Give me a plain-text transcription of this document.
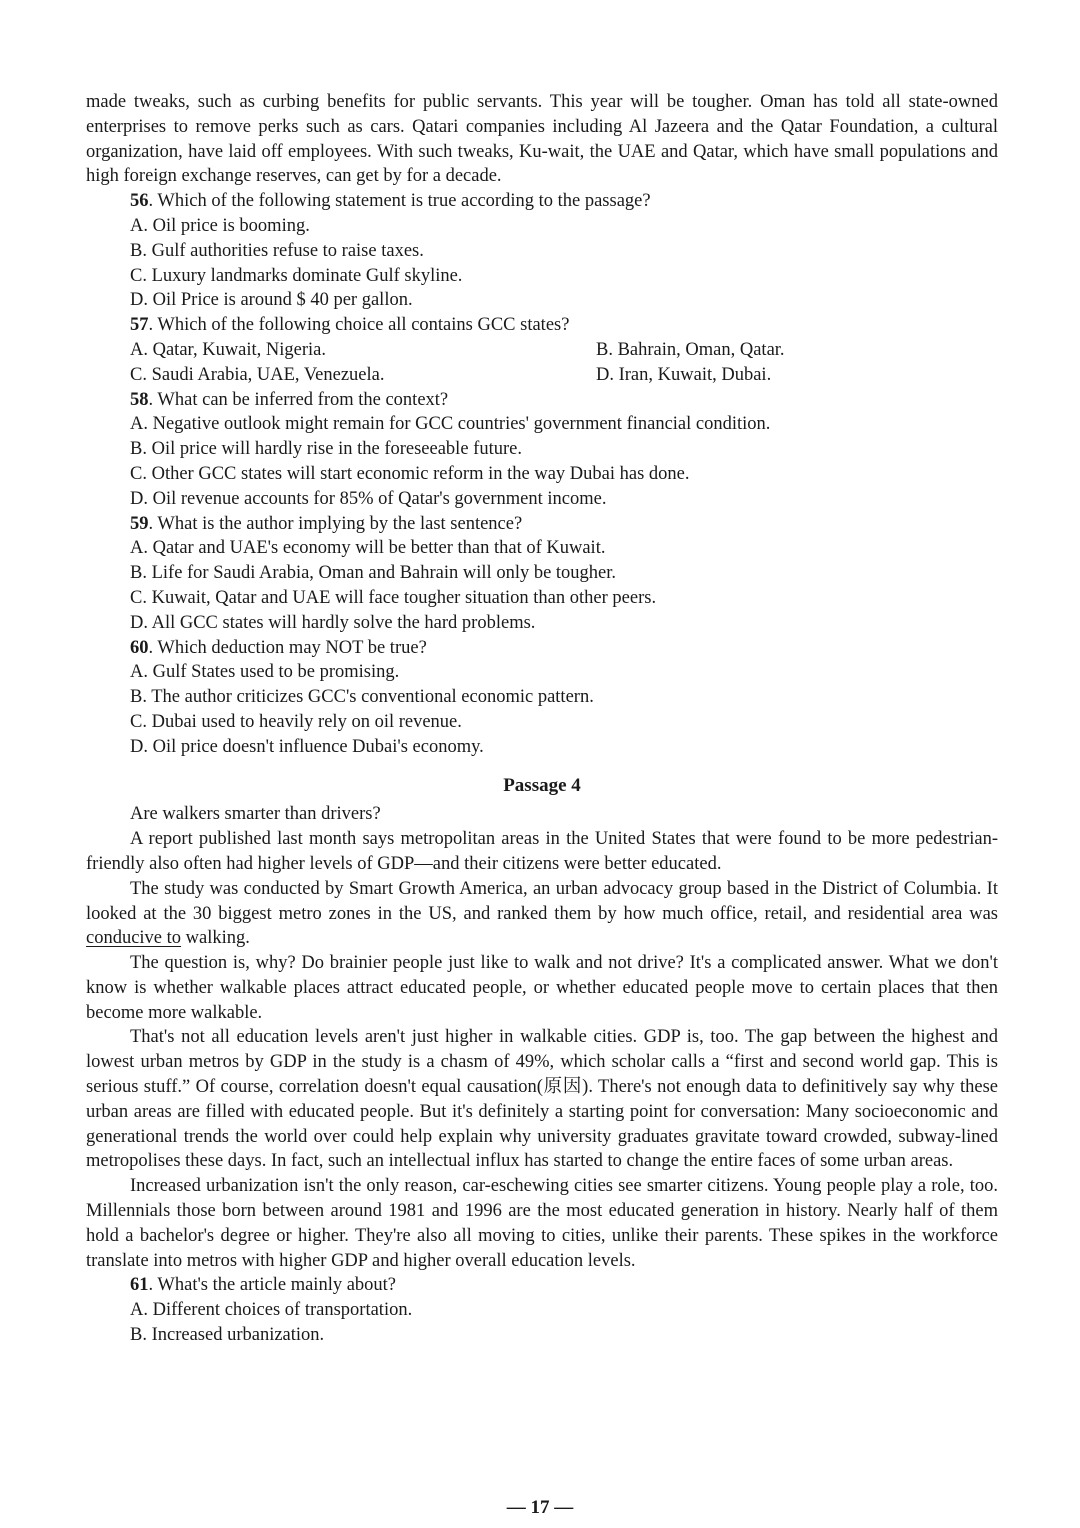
made tweaks, such as curbing benefits for public servants. This year will be tougher. Oman has told all state-owned enterprises to remove perks such as cars. Qatari companies including Al Jazeera and the Qatar Foundation, a cultural organization, have laid off employees. With such tweaks, Ku-wait, the UAE and Qatar, which have small populations and high foreign exchange reserves, can get by for a decade.

56. Which of the following statement is true according to the passage?
A. Oil price is booming.
B. Gulf authorities refuse to raise taxes.
C. Luxury landmarks dominate Gulf skyline.
D. Oil Price is around $ 40 per gallon.
57. Which of the following choice all contains GCC states?
A. Qatar, Kuwait, Nigeria.	B. Bahrain, Oman, Qatar.
C. Saudi Arabia, UAE, Venezuela.	D. Iran, Kuwait, Dubai.
58. What can be inferred from the context?
A. Negative outlook might remain for GCC countries' government financial condition.
B. Oil price will hardly rise in the foreseeable future.
C. Other GCC states will start economic reform in the way Dubai has done.
D. Oil revenue accounts for 85% of Qatar's government income.
59. What is the author implying by the last sentence?
A. Qatar and UAE's economy will be better than that of Kuwait.
B. Life for Saudi Arabia, Oman and Bahrain will only be tougher.
C. Kuwait, Qatar and UAE will face tougher situation than other peers.
D. All GCC states will hardly solve the hard problems.
60. Which deduction may NOT be true?
A. Gulf States used to be promising.
B. The author criticizes GCC's conventional economic pattern.
C. Dubai used to heavily rely on oil revenue.
D. Oil price doesn't influence Dubai's economy.
Passage 4

Are walkers smarter than drivers?

A report published last month says metropolitan areas in the United States that were found to be more pedestrian-friendly also often had higher levels of GDP—and their citizens were better educated.

The study was conducted by Smart Growth America, an urban advocacy group based in the District of Columbia. It looked at the 30 biggest metro zones in the US, and ranked them by how much office, retail, and residential area was conducive to walking.

The question is, why? Do brainier people just like to walk and not drive? It's a complicated answer. What we don't know is whether walkable places attract educated people, or whether educated people move to certain places that then become more walkable.

That's not all education levels aren't just higher in walkable cities. GDP is, too. The gap between the highest and lowest urban metros by GDP in the study is a chasm of 49%, which scholar calls a “first and second world gap. This is serious stuff.” Of course, correlation doesn't equal causation(原因). There's not enough data to definitively say why these urban areas are filled with educated people. But it's definitely a starting point for conversation: Many socioeconomic and generational trends the world over could help explain why university graduates gravitate toward crowded, subway-lined metropolises these days. In fact, such an intellectual influx has started to change the entire faces of some urban areas.

Increased urbanization isn't the only reason, car-eschewing cities see smarter citizens. Young people play a role, too. Millennials those born between around 1981 and 1996 are the most educated generation in history. Nearly half of them hold a bachelor's degree or higher. They're also all moving to cities, unlike their parents. These spikes in the workforce translate into metros with higher GDP and higher overall education levels.

61. What's the article mainly about?
A. Different choices of transportation.
B. Increased urbanization.
— 17 —
